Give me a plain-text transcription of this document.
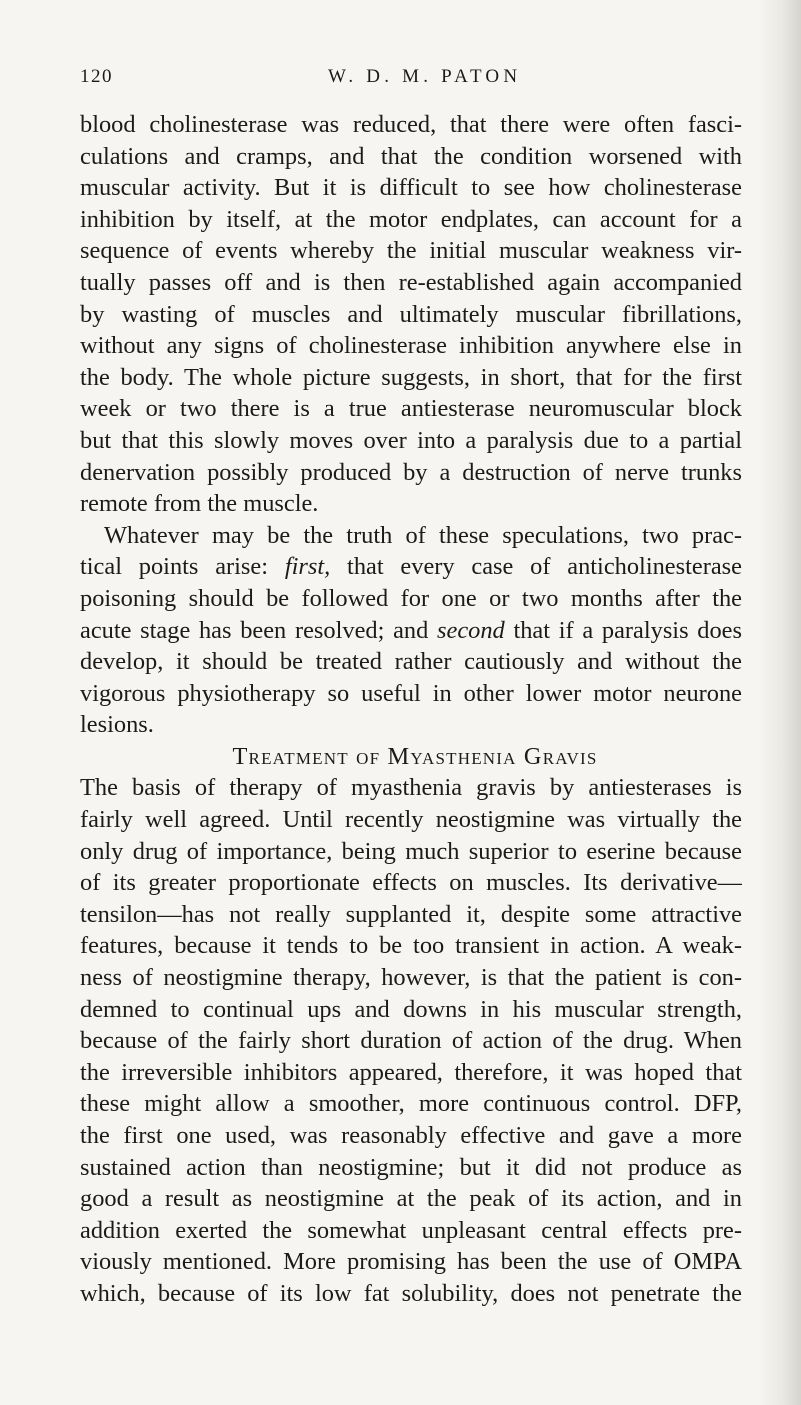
120	W. D. M. PATON
blood cholinesterase was reduced, that there were often fasci-
culations and cramps, and that the condition worsened with
muscular activity. But it is difficult to see how cholinesterase
inhibition by itself, at the motor endplates, can account for a
sequence of events whereby the initial muscular weakness vir-
tually passes off and is then re-established again accompanied
by wasting of muscles and ultimately muscular fibrillations,
without any signs of cholinesterase inhibition anywhere else in
the body. The whole picture suggests, in short, that for the first
week or two there is a true antiesterase neuromuscular block
but that this slowly moves over into a paralysis due to a partial
denervation possibly produced by a destruction of nerve trunks
remote from the muscle.
Whatever may be the truth of these speculations, two prac-
tical points arise: first, that every case of anticholinesterase
poisoning should be followed for one or two months after the
acute stage has been resolved; and second that if a paralysis does
develop, it should be treated rather cautiously and without the
vigorous physiotherapy so useful in other lower motor neurone
lesions.
Treatment of Myasthenia Gravis
The basis of therapy of myasthenia gravis by antiesterases is
fairly well agreed. Until recently neostigmine was virtually the
only drug of importance, being much superior to eserine because
of its greater proportionate effects on muscles. Its derivative—
tensilon—has not really supplanted it, despite some attractive
features, because it tends to be too transient in action. A weak-
ness of neostigmine therapy, however, is that the patient is con-
demned to continual ups and downs in his muscular strength,
because of the fairly short duration of action of the drug. When
the irreversible inhibitors appeared, therefore, it was hoped that
these might allow a smoother, more continuous control. DFP,
the first one used, was reasonably effective and gave a more
sustained action than neostigmine; but it did not produce as
good a result as neostigmine at the peak of its action, and in
addition exerted the somewhat unpleasant central effects pre-
viously mentioned. More promising has been the use of OMPA
which, because of its low fat solubility, does not penetrate the
